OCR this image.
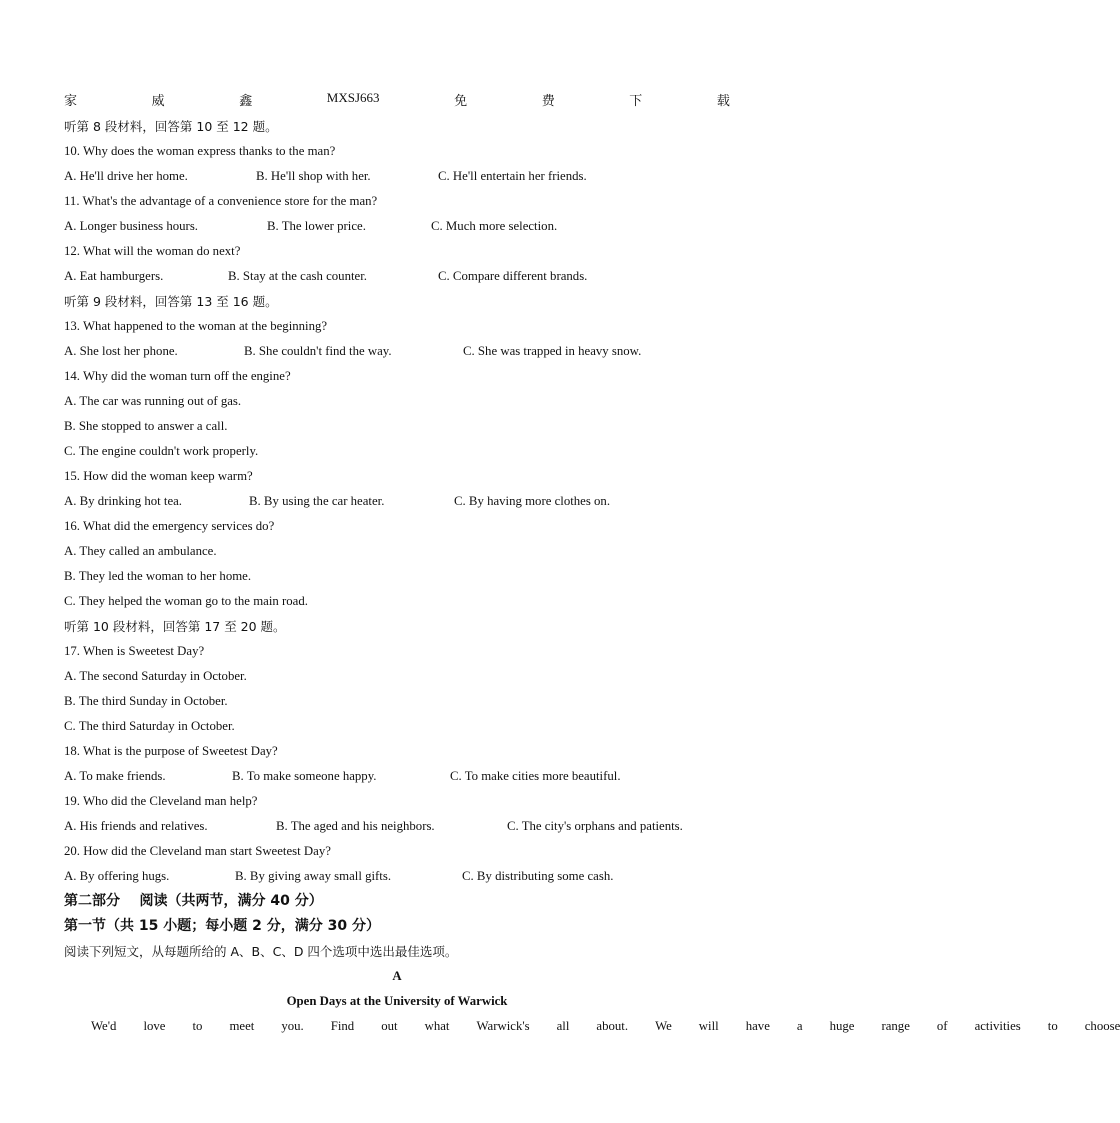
家	威	鑫	MXSJ663	免	费	下	载
听第 8 段材料，回答第 10 至 12 题。
10. Why does the woman express thanks to the man?
A. He'll drive her home.	B. He'll shop with her.	C. He'll entertain her friends.
11. What's the advantage of a convenience store for the man?
A. Longer business hours.	B. The lower price.	C. Much more selection.
12. What will the woman do next?
A. Eat hamburgers.	B. Stay at the cash counter.	C. Compare different brands.
听第 9 段材料，回答第 13 至 16 题。
13. What happened to the woman at the beginning?
A. She lost her phone.	B. She couldn't find the way.	C. She was trapped in heavy snow.
14. Why did the woman turn off the engine?
A. The car was running out of gas.
B. She stopped to answer a call.
C. The engine couldn't work properly.
15. How did the woman keep warm?
A. By drinking hot tea.	B. By using the car heater.	C. By having more clothes on.
16. What did the emergency services do?
A. They called an ambulance.
B. They led the woman to her home.
C. They helped the woman go to the main road.
听第 10 段材料，回答第 17 至 20 题。
17. When is Sweetest Day?
A. The second Saturday in October.
B. The third Sunday in October.
C. The third Saturday in October.
18. What is the purpose of Sweetest Day?
A. To make friends.	B. To make someone happy.	C. To make cities more beautiful.
19. Who did the Cleveland man help?
A. His friends and relatives.	B. The aged and his neighbors.	C. The city's orphans and patients.
20. How did the Cleveland man start Sweetest Day?
A. By offering hugs.	B. By giving away small gifts.	C. By distributing some cash.
第二部分    阅读（共两节，满分 40 分）
第一节（共 15 小题；每小题 2 分，满分 30 分）
阅读下列短文，从每题所给的 A、B、C、D 四个选项中选出最佳选项。
A
Open Days at the University of Warwick
We'd	love	to	meet	you.	Find	out	what	Warwick's	all	about.	We	will	have	a	huge	range	of	activities	to	choose
